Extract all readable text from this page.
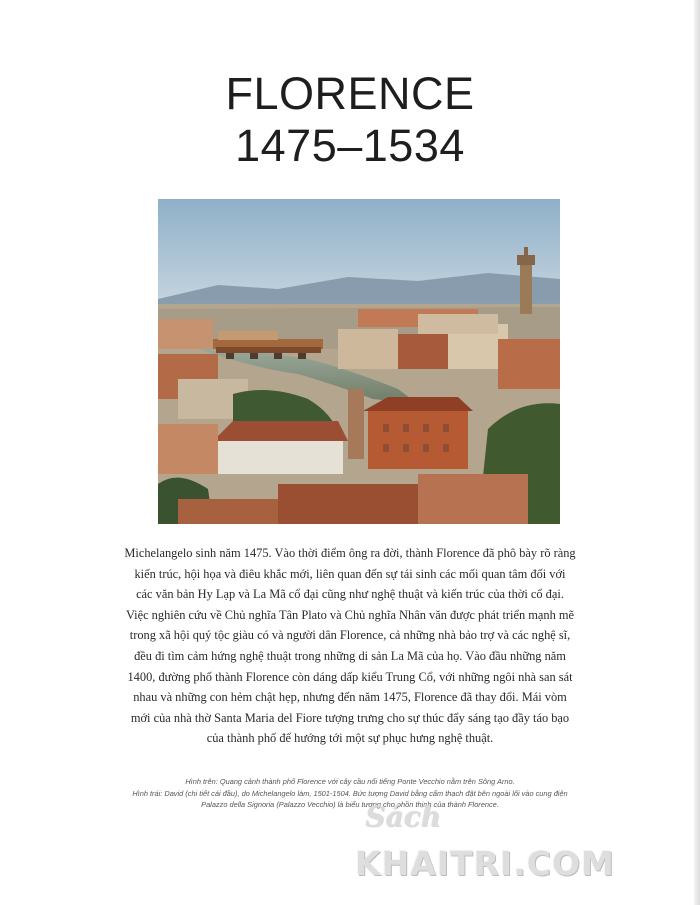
FLORENCE
1475–1534
Michelangelo sinh năm 1475. Vào thời điểm ông ra đời, thành Florence đã phô bày rõ ràng
kiến trúc, hội họa và điêu khắc mới, liên quan đến sự tái sinh các mối quan tâm đối với
các văn bản Hy Lạp và La Mã cổ đại cũng như nghệ thuật và kiến trúc của thời cổ đại.
Việc nghiên cứu về Chủ nghĩa Tân Plato và Chủ nghĩa Nhân văn được phát triển mạnh mẽ
trong xã hội quý tộc giàu có và người dân Florence, cả những nhà bảo trợ và các nghệ sĩ,
đều đi tìm cảm hứng nghệ thuật trong những di sản La Mã của họ. Vào đầu những năm
1400, đường phố thành Florence còn dáng dấp kiểu Trung Cổ, với những ngôi nhà san sát
nhau và những con hẻm chật hẹp, nhưng đến năm 1475, Florence đã thay đổi. Mái vòm
mới của nhà thờ Santa Maria del Fiore tượng trưng cho sự thúc đẩy sáng tạo đầy táo bạo
của thành phố để hướng tới một sự phục hưng nghệ thuật.
Hình trên: Quang cảnh thành phố Florence với cây cầu nổi tiếng Ponte Vecchio nằm trên Sông Arno.
Hình trái: David (chi tiết cái đầu), do Michelangelo làm, 1501-1504. Bức tượng David bằng cẩm thạch đặt bên ngoài lối vào cung điện
Palazzo della Signoria (Palazzo Vecchio) là biểu tượng cho phồn thịnh của thành Florence.
Sách
KHAITRI.COM
